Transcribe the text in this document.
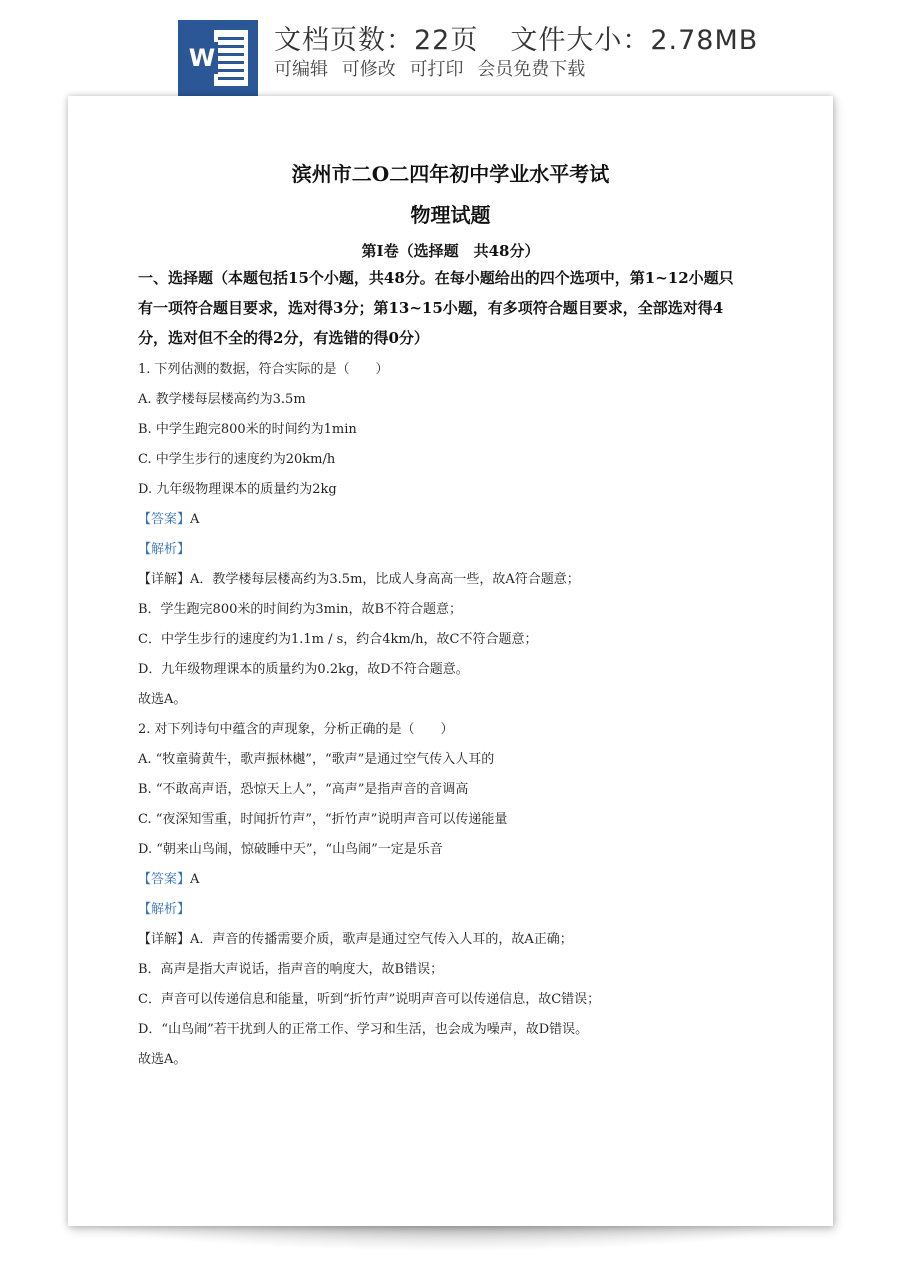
W
文档页数：22页 文件大小：2.78MB
可编辑 可修改 可打印 会员免费下载
滨州市二O二四年初中学业水平考试
物理试题
第Ⅰ卷（选择题　共48分）
一、选择题（本题包括15个小题，共48分。在每小题给出的四个选项中，第1~12小题只
有一项符合题目要求，选对得3分；第13~15小题，有多项符合题目要求，全部选对得4
分，选对但不全的得2分，有选错的得0分）
1. 下列估测的数据，符合实际的是（　　）
A. 教学楼每层楼高约为3.5m
B. 中学生跑完800米的时间约为1min
C. 中学生步行的速度约为20km/h
D. 九年级物理课本的质量约为2kg
【答案】A
【解析】
【详解】A．教学楼每层楼高约为3.5m，比成人身高高一些，故A符合题意；
B．学生跑完800米的时间约为3min，故B不符合题意；
C．中学生步行的速度约为1.1m / s，约合4km/h，故C不符合题意；
D．九年级物理课本的质量约为0.2kg，故D不符合题意。
故选A。
2. 对下列诗句中蕴含的声现象，分析正确的是（　　）
A. “牧童骑黄牛，歌声振林樾”，“歌声”是通过空气传入人耳的
B. “不敢高声语，恐惊天上人”，“高声”是指声音的音调高
C. “夜深知雪重，时闻折竹声”，“折竹声”说明声音可以传递能量
D. “朝来山鸟闹，惊破睡中天”，“山鸟闹”一定是乐音
【答案】A
【解析】
【详解】A．声音的传播需要介质，歌声是通过空气传入人耳的，故A正确；
B．高声是指大声说话，指声音的响度大，故B错误；
C．声音可以传递信息和能量，听到“折竹声”说明声音可以传递信息，故C错误；
D．“山鸟闹”若干扰到人的正常工作、学习和生活，也会成为噪声，故D错误。
故选A。
